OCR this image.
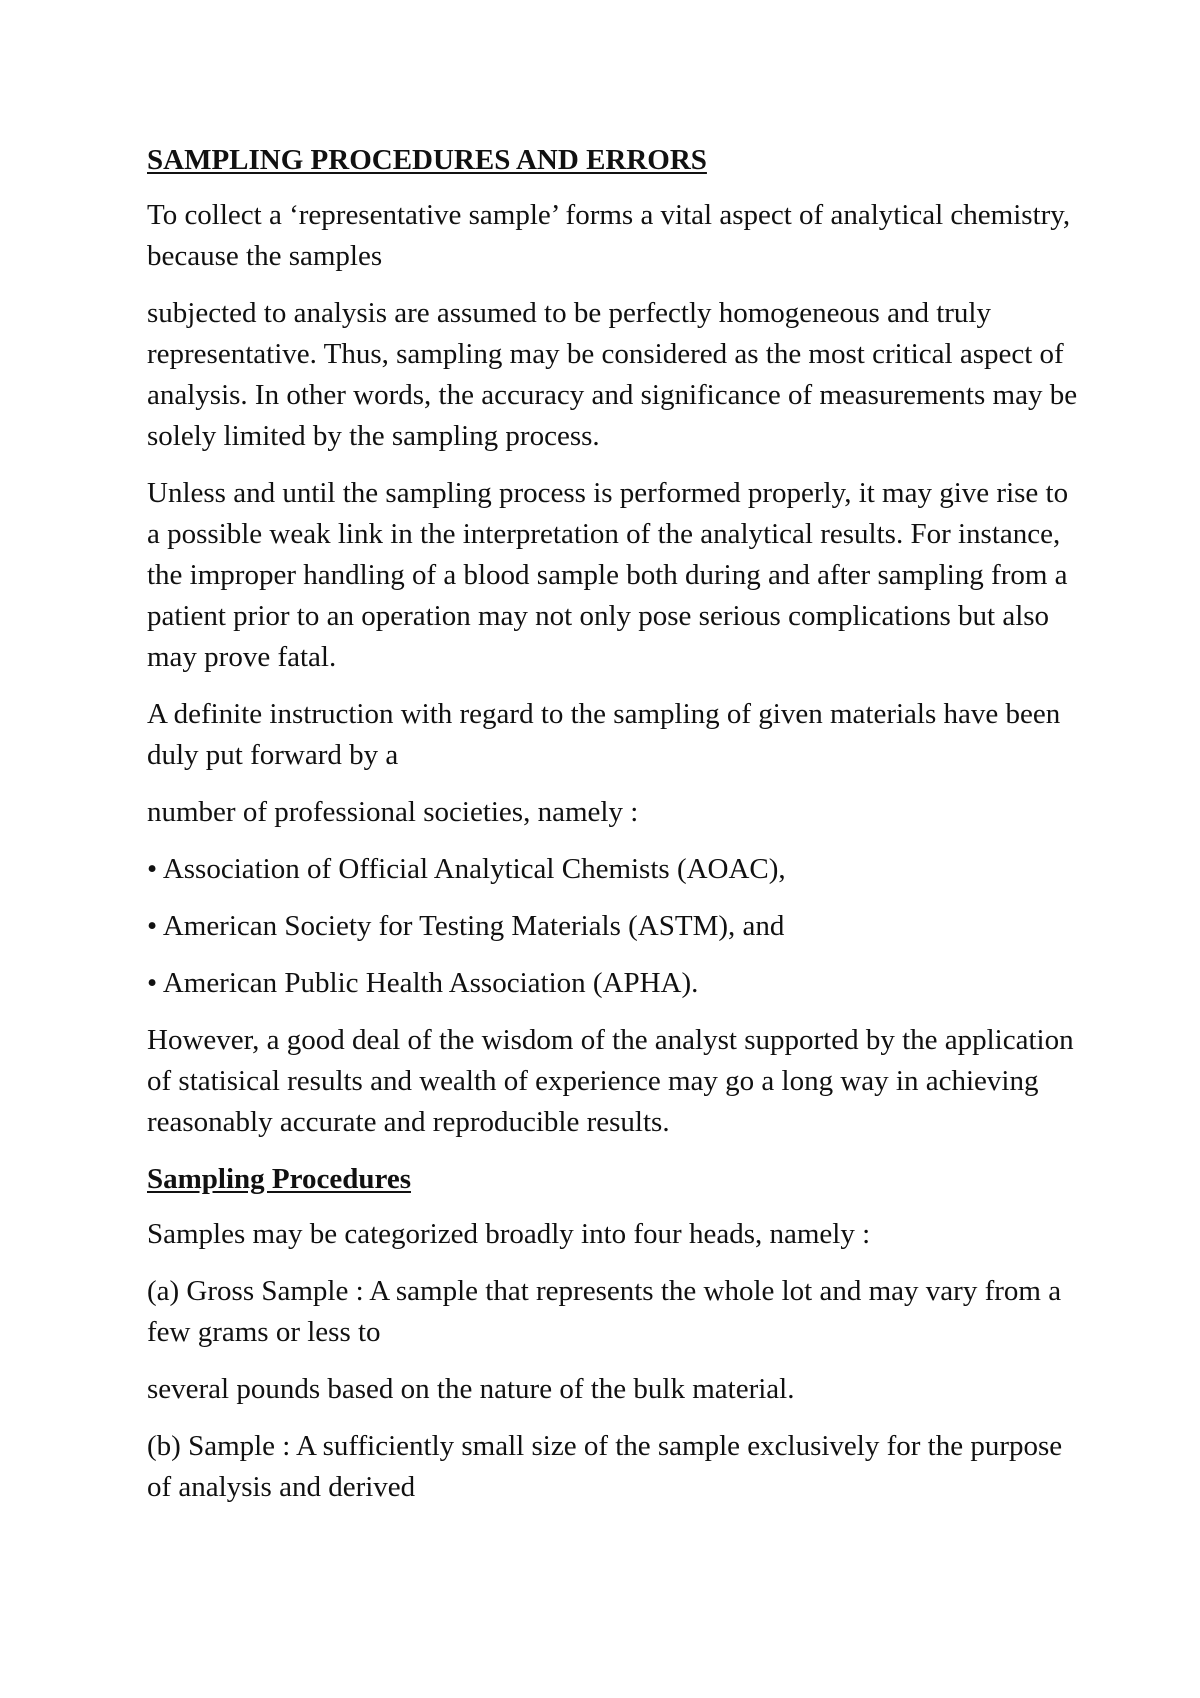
SAMPLING PROCEDURES AND ERRORS

To collect a ‘representative sample’ forms a vital aspect of analytical chemistry, because the samples

subjected to analysis are assumed to be perfectly homogeneous and truly representative. Thus, sampling may be considered as the most critical aspect of analysis. In other words, the accuracy and significance of measurements may be solely limited by the sampling process.

Unless and until the sampling process is performed properly, it may give rise to a possible weak link in the interpretation of the analytical results. For instance, the improper handling of a blood sample both during and after sampling from a patient prior to an operation may not only pose serious complications but also may prove fatal.

A definite instruction with regard to the sampling of given materials have been duly put forward by a

number of professional societies, namely :

• Association of Official Analytical Chemists (AOAC),
• American Society for Testing Materials (ASTM), and
• American Public Health Association (APHA).

However, a good deal of the wisdom of the analyst supported by the application of statisical results and wealth of experience may go a long way in achieving reasonably accurate and reproducible results.

Sampling Procedures

Samples may be categorized broadly into four heads, namely :

(a) Gross Sample : A sample that represents the whole lot and may vary from a few grams or less to

several pounds based on the nature of the bulk material.

(b) Sample : A sufficiently small size of the sample exclusively for the purpose of analysis and derived
